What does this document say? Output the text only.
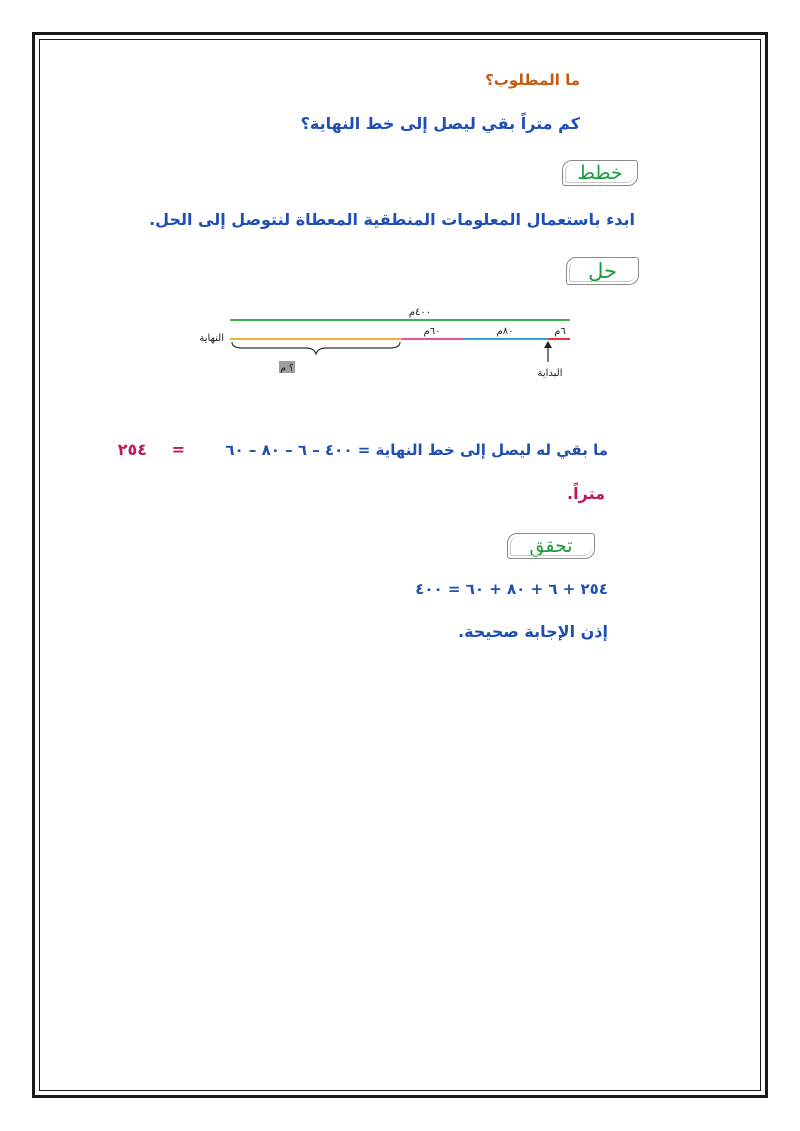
ما المطلوب؟
كم متراً بقي ليصل إلى خط النهاية؟
خطط
ابدء باستعمال المعلومات المنطقية المعطاة لنتوصل إلى الحل.
حل
٤٠٠م
٦٠م	٨٠م	٦م
النهاية
؟ م	البداية
ما بقي له ليصل إلى خط النهاية = ٤٠٠ – ٦ – ٨٠ – ٦٠
=
٢٥٤
متراً.
تحقق
٢٥٤ + ٦ + ٨٠ + ٦٠ = ٤٠٠
إذن الإجابة صحيحة.
